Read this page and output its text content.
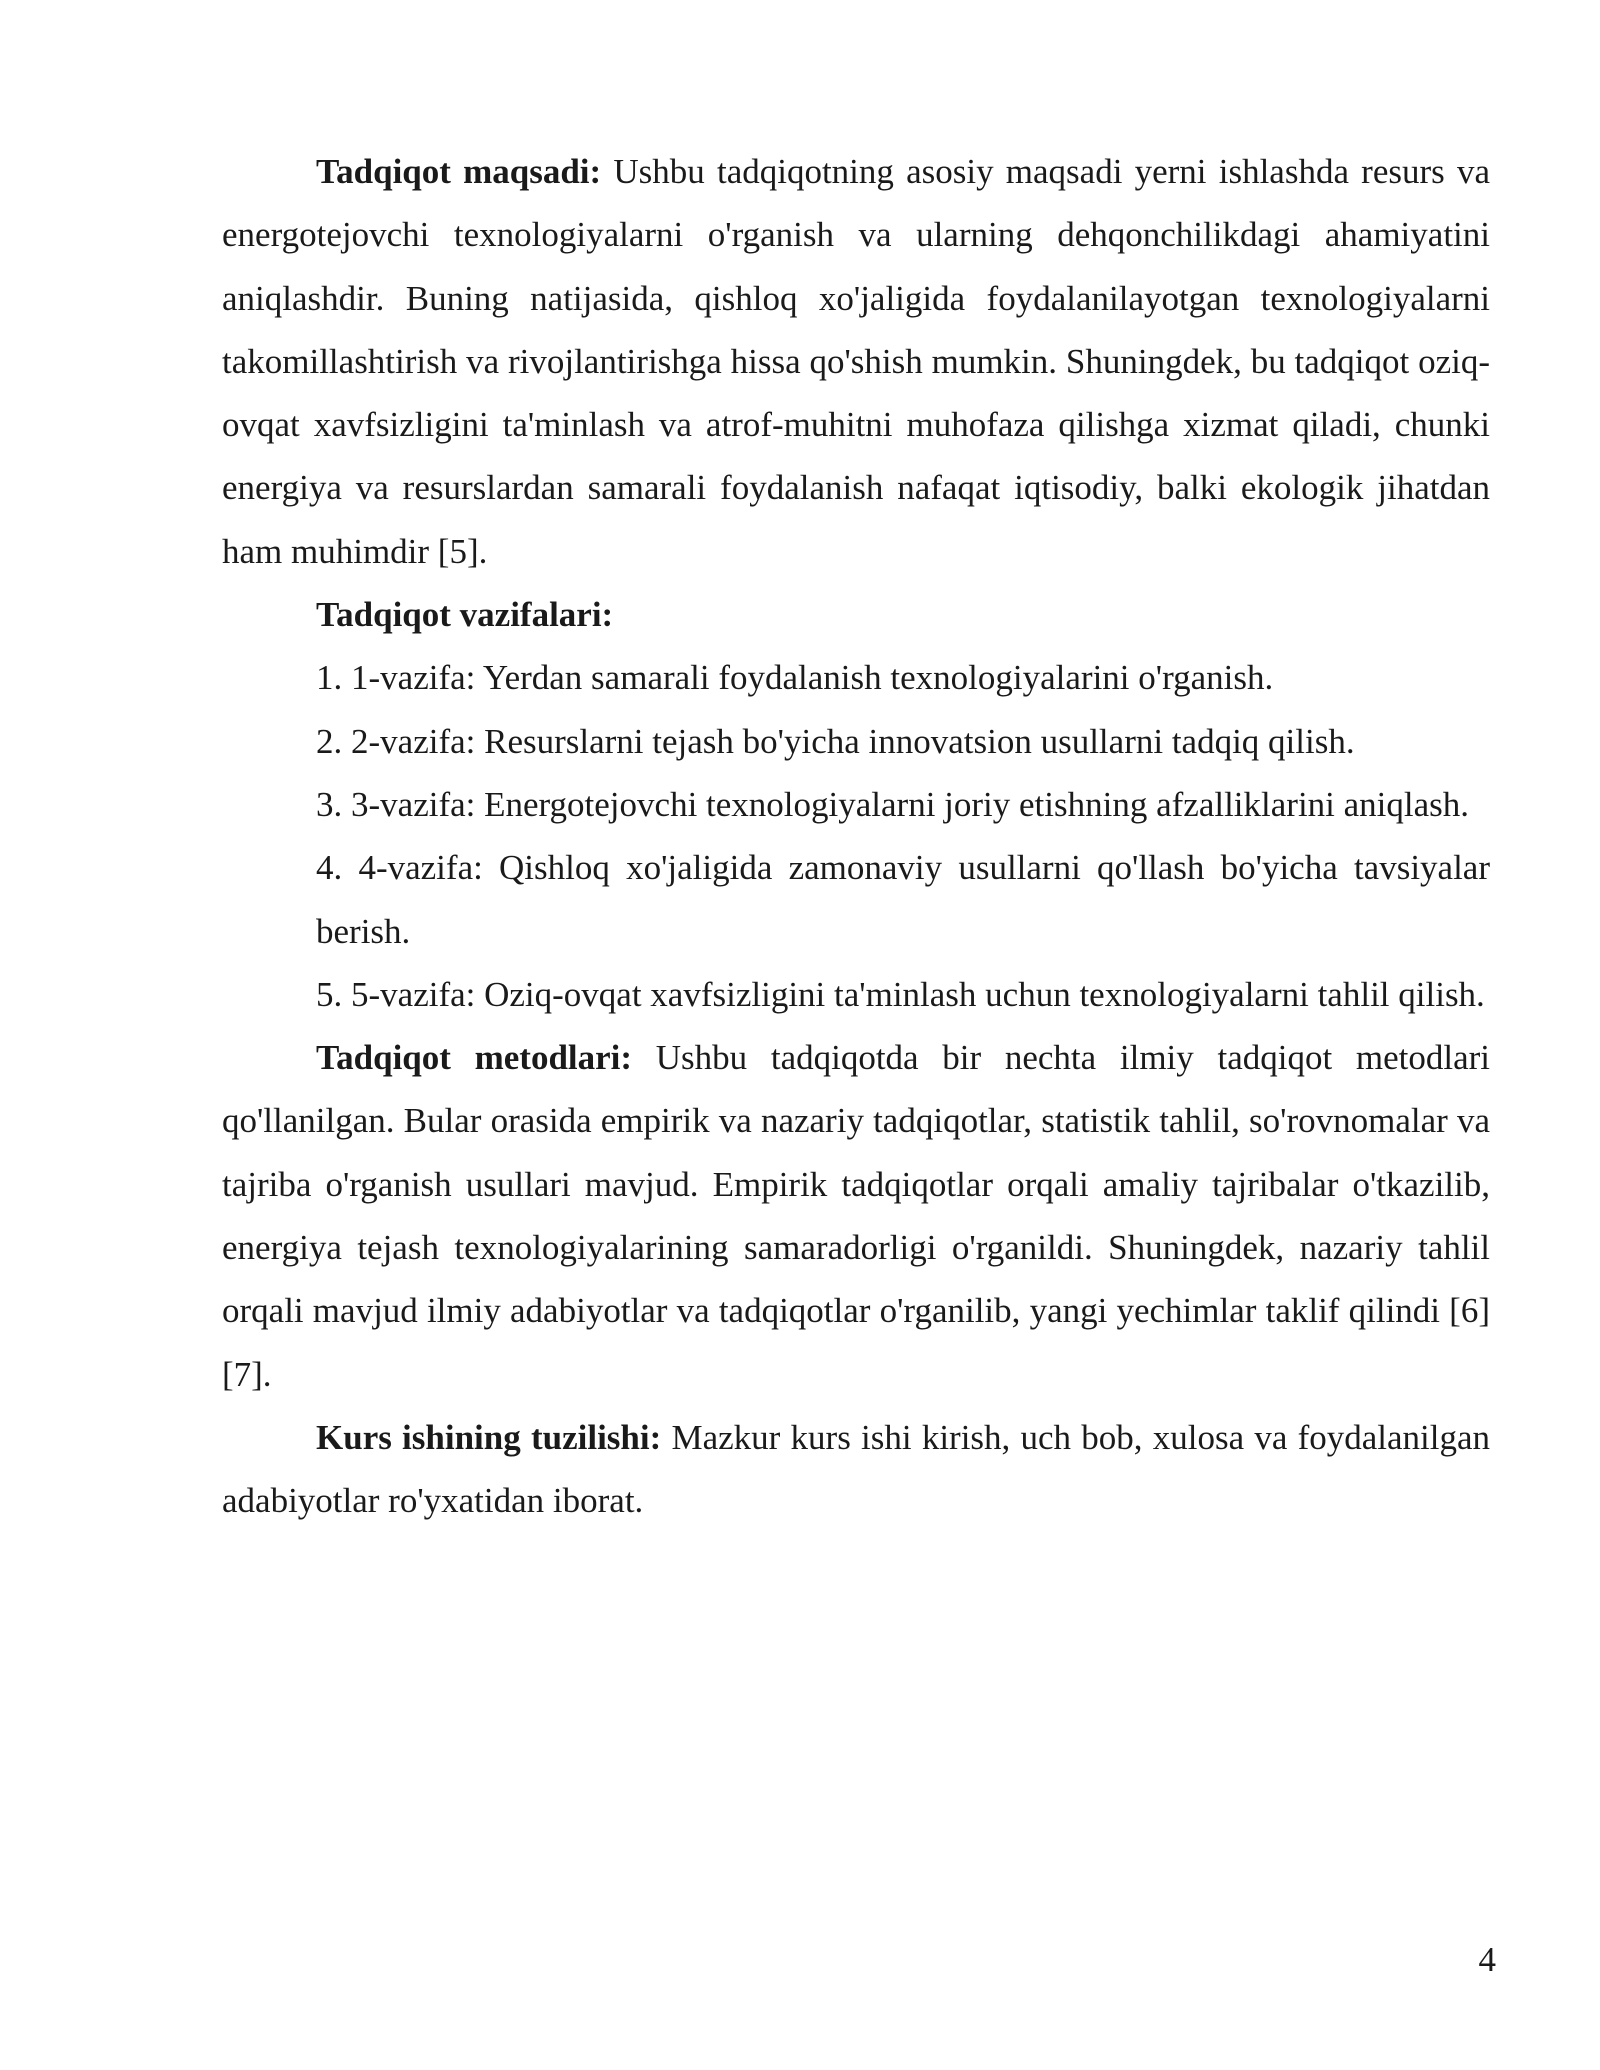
Tadqiqot maqsadi: Ushbu tadqiqotning asosiy maqsadi yerni ishlashda resurs va energotejovchi texnologiyalarni o'rganish va ularning dehqonchilikdagi ahamiyatini aniqlashdir. Buning natijasida, qishloq xo'jaligida foydalanilayotgan texnologiyalarni takomillashtirish va rivojlantirishga hissa qo'shish mumkin. Shuningdek, bu tadqiqot oziq-ovqat xavfsizligini ta'minlash va atrof-muhitni muhofaza qilishga xizmat qiladi, chunki energiya va resurslardan samarali foydalanish nafaqat iqtisodiy, balki ekologik jihatdan ham muhimdir [5].

Tadqiqot vazifalari:

1. 1-vazifa: Yerdan samarali foydalanish texnologiyalarini o'rganish.

2. 2-vazifa: Resurslarni tejash bo'yicha innovatsion usullarni tadqiq qilish.

3. 3-vazifa: Energotejovchi texnologiyalarni joriy etishning afzalliklarini aniqlash.

4. 4-vazifa: Qishloq xo'jaligida zamonaviy usullarni qo'llash bo'yicha tavsiyalar berish.

5. 5-vazifa: Oziq-ovqat xavfsizligini ta'minlash uchun texnologiyalarni tahlil qilish.

Tadqiqot metodlari: Ushbu tadqiqotda bir nechta ilmiy tadqiqot metodlari qo'llanilgan. Bular orasida empirik va nazariy tadqiqotlar, statistik tahlil, so'rovnomalar va tajriba o'rganish usullari mavjud. Empirik tadqiqotlar orqali amaliy tajribalar o'tkazilib, energiya tejash texnologiyalarining samaradorligi o'rganildi. Shuningdek, nazariy tahlil orqali mavjud ilmiy adabiyotlar va tadqiqotlar o'rganilib, yangi yechimlar taklif qilindi [6][7].

Kurs ishining tuzilishi: Mazkur kurs ishi kirish, uch bob, xulosa va foydalanilgan adabiyotlar ro'yxatidan iborat.

4
